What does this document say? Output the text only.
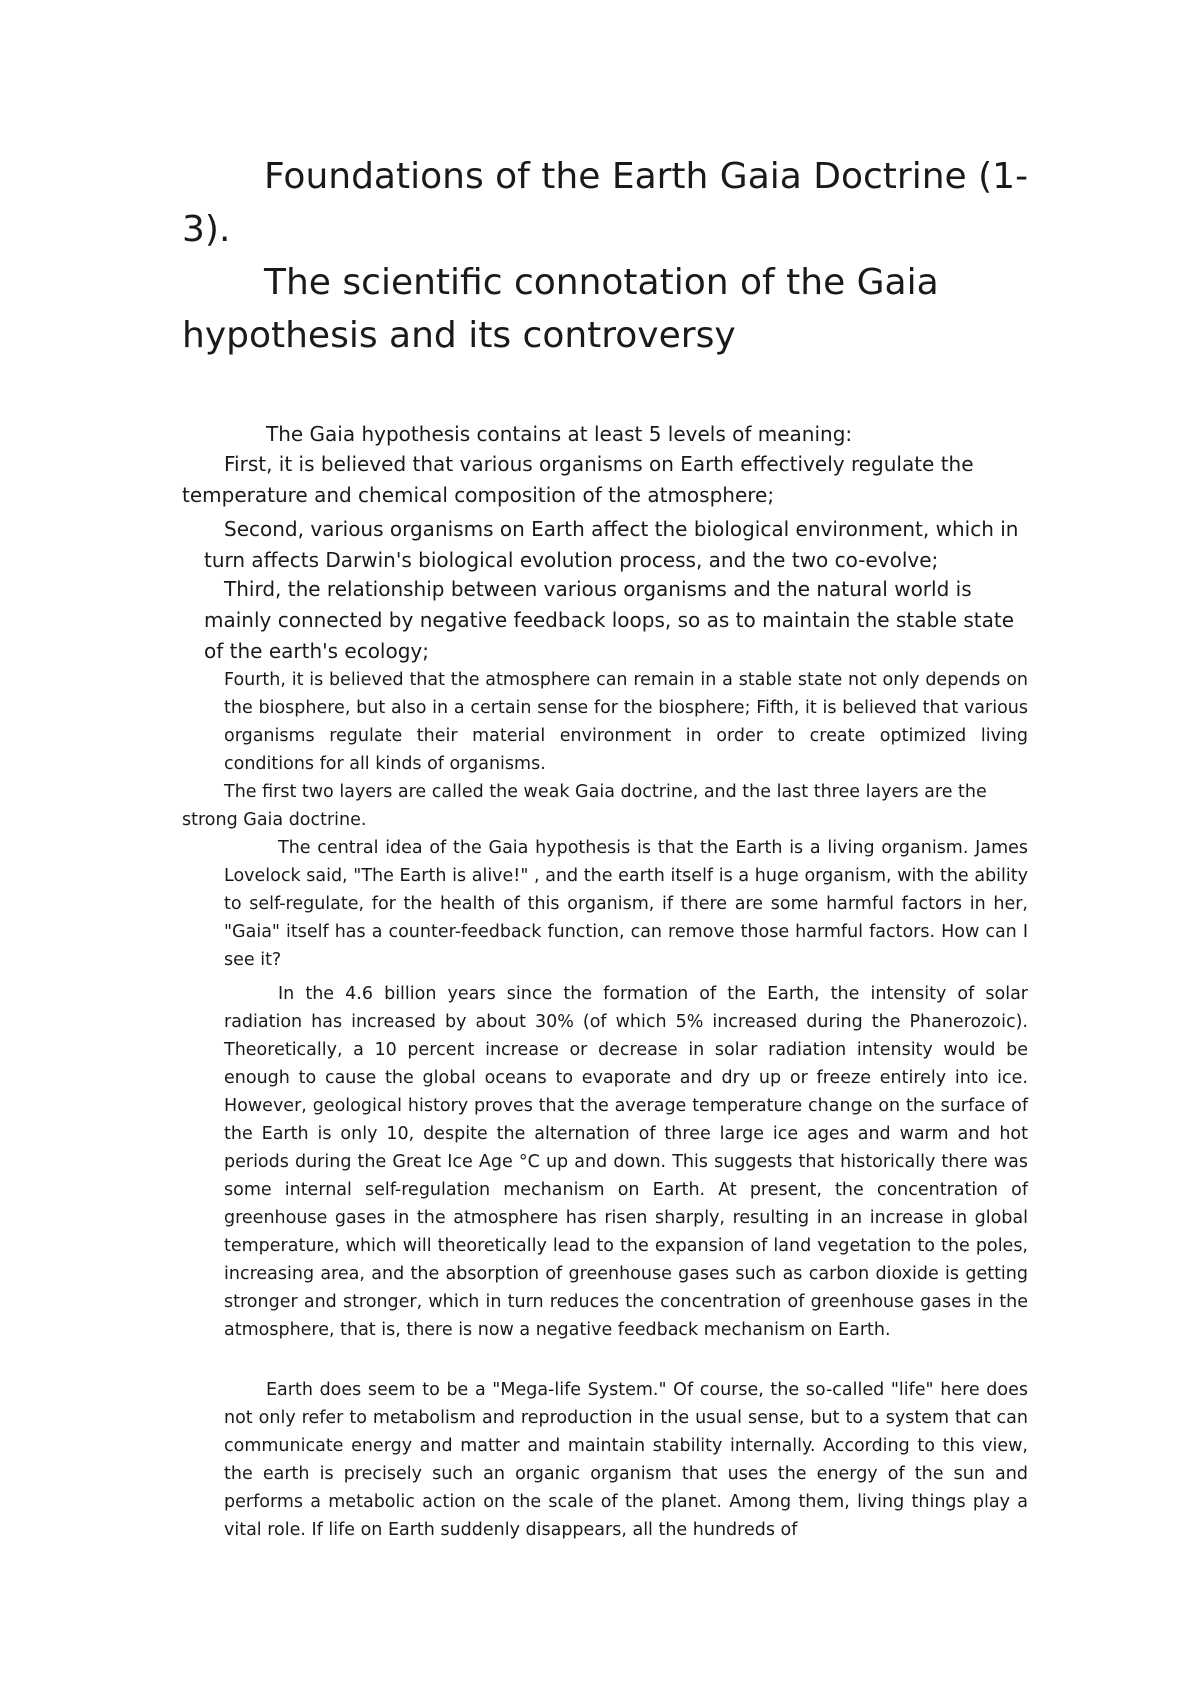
Foundations of the Earth Gaia Doctrine (1-3).
The scientific connotation of the Gaia hypothesis and its controversy

The Gaia hypothesis contains at least 5 levels of meaning:

First, it is believed that various organisms on Earth effectively regulate the temperature and chemical composition of the atmosphere;

Second, various organisms on Earth affect the biological environment, which in turn affects Darwin's biological evolution process, and the two co-evolve;

Third, the relationship between various organisms and the natural world is mainly connected by negative feedback loops, so as to maintain the stable state of the earth's ecology;

Fourth, it is believed that the atmosphere can remain in a stable state not only depends on the biosphere, but also in a certain sense for the biosphere; Fifth, it is believed that various organisms regulate their material environment in order to create optimized living conditions for all kinds of organisms.

The first two layers are called the weak Gaia doctrine, and the last three layers are the strong Gaia doctrine.

The central idea of the Gaia hypothesis is that the Earth is a living organism. James Lovelock said, "The Earth is alive!" , and the earth itself is a huge organism, with the ability to self-regulate, for the health of this organism, if there are some harmful factors in her, "Gaia" itself has a counter-feedback function, can remove those harmful factors. How can I see it?

In the 4.6 billion years since the formation of the Earth, the intensity of solar radiation has increased by about 30% (of which 5% increased during the Phanerozoic). Theoretically, a 10 percent increase or decrease in solar radiation intensity would be enough to cause the global oceans to evaporate and dry up or freeze entirely into ice. However, geological history proves that the average temperature change on the surface of the Earth is only 10, despite the alternation of three large ice ages and warm and hot periods during the Great Ice Age °C up and down. This suggests that historically there was some internal self-regulation mechanism on Earth. At present, the concentration of greenhouse gases in the atmosphere has risen sharply, resulting in an increase in global temperature, which will theoretically lead to the expansion of land vegetation to the poles, increasing area, and the absorption of greenhouse gases such as carbon dioxide is getting stronger and stronger, which in turn reduces the concentration of greenhouse gases in the atmosphere, that is, there is now a negative feedback mechanism on Earth.

Earth does seem to be a "Mega-life System." Of course, the so-called "life" here does not only refer to metabolism and reproduction in the usual sense, but to a system that can communicate energy and matter and maintain stability internally. According to this view, the earth is precisely such an organic organism that uses the energy of the sun and performs a metabolic action on the scale of the planet. Among them, living things play a vital role. If life on Earth suddenly disappears, all the hundreds of
